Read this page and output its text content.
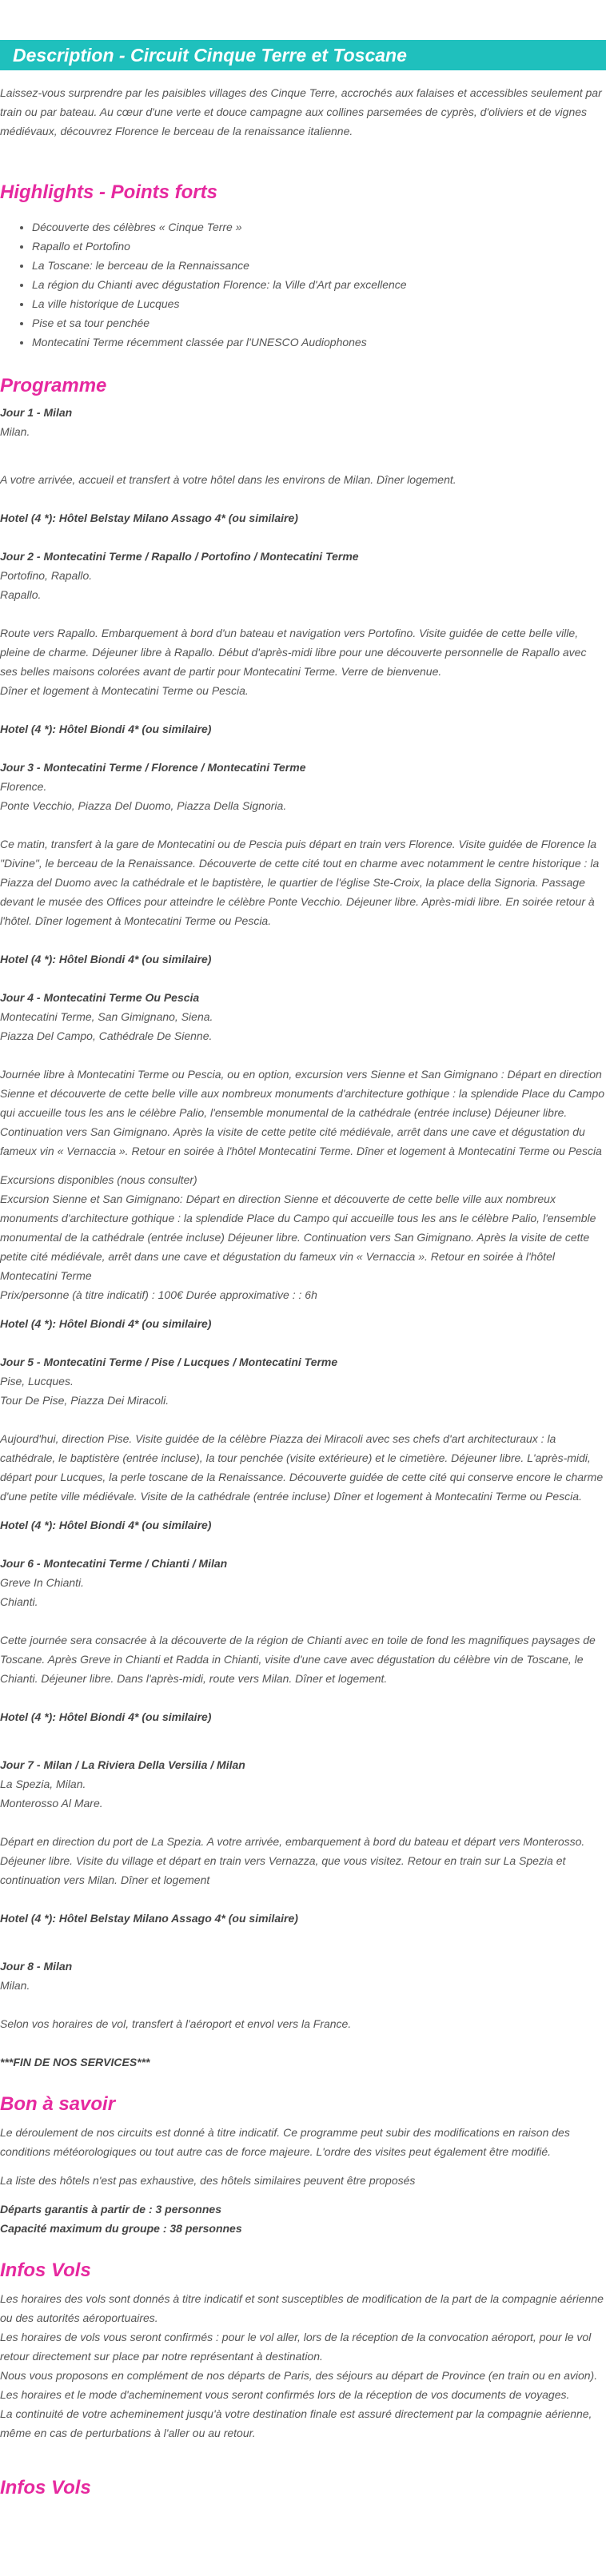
Description - Circuit Cinque Terre et Toscane

Laissez-vous surprendre par les paisibles villages des Cinque Terre, accrochés aux falaises et accessibles seulement par train ou par bateau. Au cœur d'une verte et douce campagne aux collines parsemées de cyprès, d'oliviers et de vignes médiévaux, découvrez Florence le berceau de la renaissance italienne.

Highlights - Points forts
• Découverte des célèbres « Cinque Terre »
• Rapallo et Portofino
• La Toscane: le berceau de la Rennaissance
• La région du Chianti avec dégustation Florence: la Ville d'Art par excellence
• La ville historique de Lucques
• Pise et sa tour penchée
• Montecatini Terme récemment classée par l'UNESCO Audiophones
Programme
Jour 1 - Milan
Milan.

A votre arrivée, accueil et transfert à votre hôtel dans les environs de Milan. Dîner logement.

Hotel (4 *): Hôtel Belstay Milano Assago 4* (ou similaire)
Jour 2 - Montecatini Terme / Rapallo / Portofino / Montecatini Terme
Portofino, Rapallo.
Rapallo.

Route vers Rapallo. Embarquement à bord d'un bateau et navigation vers Portofino. Visite guidée de cette belle ville, pleine de charme. Déjeuner libre à Rapallo. Début d'après-midi libre pour une découverte personnelle de Rapallo avec ses belles maisons colorées avant de partir pour Montecatini Terme. Verre de bienvenue.

Dîner et logement à Montecatini Terme ou Pescia.

Hotel (4 *): Hôtel Biondi 4* (ou similaire)
Jour 3 - Montecatini Terme / Florence / Montecatini Terme
Florence.
Ponte Vecchio, Piazza Del Duomo, Piazza Della Signoria.

Ce matin, transfert à la gare de Montecatini ou de Pescia puis départ en train vers Florence. Visite guidée de Florence la "Divine", le berceau de la Renaissance. Découverte de cette cité tout en charme avec notamment le centre historique : la Piazza del Duomo avec la cathédrale et le baptistère, le quartier de l'église Ste-Croix, la place della Signoria. Passage devant le musée des Offices pour atteindre le célèbre Ponte Vecchio. Déjeuner libre. Après-midi libre. En soirée retour à l'hôtel. Dîner logement à Montecatini Terme ou Pescia.

Hotel (4 *): Hôtel Biondi 4* (ou similaire)
Jour 4 - Montecatini Terme Ou Pescia
Montecatini Terme, San Gimignano, Siena.
Piazza Del Campo, Cathédrale De Sienne.

Journée libre à Montecatini Terme ou Pescia, ou en option, excursion vers Sienne et San Gimignano : Départ en direction Sienne et découverte de cette belle ville aux nombreux monuments d'architecture gothique : la splendide Place du Campo qui accueille tous les ans le célèbre Palio, l'ensemble monumental de la cathédrale (entrée incluse) Déjeuner libre. Continuation vers San Gimignano. Après la visite de cette petite cité médiévale, arrêt dans une cave et dégustation du fameux vin « Vernaccia ». Retour en soirée à l'hôtel Montecatini Terme. Dîner et logement à Montecatini Terme ou Pescia

Excursions disponibles (nous consulter)

Excursion Sienne et San Gimignano: Départ en direction Sienne et découverte de cette belle ville aux nombreux monuments d'architecture gothique : la splendide Place du Campo qui accueille tous les ans le célèbre Palio, l'ensemble monumental de la cathédrale (entrée incluse) Déjeuner libre. Continuation vers San Gimignano. Après la visite de cette petite cité médiévale, arrêt dans une cave et dégustation du fameux vin « Vernaccia ». Retour en soirée à l'hôtel Montecatini Terme

Prix/personne (à titre indicatif) : 100€ Durée approximative : : 6h
Hotel (4 *): Hôtel Biondi 4* (ou similaire)
Jour 5 - Montecatini Terme / Pise / Lucques / Montecatini Terme
Pise, Lucques.
Tour De Pise, Piazza Dei Miracoli.

Aujourd'hui, direction Pise. Visite guidée de la célèbre Piazza dei Miracoli avec ses chefs d'art architecturaux : la cathédrale, le baptistère (entrée incluse), la tour penchée (visite extérieure) et le cimetière. Déjeuner libre. L'après-midi, départ pour Lucques, la perle toscane de la Renaissance. Découverte guidée de cette cité qui conserve encore le charme d'une petite ville médiévale. Visite de la cathédrale (entrée incluse) Dîner et logement à Montecatini Terme ou Pescia.

Hotel (4 *): Hôtel Biondi 4* (ou similaire)
Jour 6 - Montecatini Terme / Chianti / Milan
Greve In Chianti.
Chianti.

Cette journée sera consacrée à la découverte de la région de Chianti avec en toile de fond les magnifiques paysages de Toscane. Après Greve in Chianti et Radda in Chianti, visite d'une cave avec dégustation du célèbre vin de Toscane, le Chianti. Déjeuner libre. Dans l'après-midi, route vers Milan. Dîner et logement.

Hotel (4 *): Hôtel Biondi 4* (ou similaire)
Jour 7 - Milan / La Riviera Della Versilia / Milan
La Spezia, Milan.
Monterosso Al Mare.

Départ en direction du port de La Spezia. A votre arrivée, embarquement à bord du bateau et départ vers Monterosso. Déjeuner libre. Visite du village et départ en train vers Vernazza, que vous visitez. Retour en train sur La Spezia et continuation vers Milan. Dîner et logement

Hotel (4 *): Hôtel Belstay Milano Assago 4* (ou similaire)
Jour 8 - Milan
Milan.

Selon vos horaires de vol, transfert à l'aéroport et envol vers la France.

***FIN DE NOS SERVICES***
Bon à savoir

Le déroulement de nos circuits est donné à titre indicatif. Ce programme peut subir des modifications en raison des conditions météorologiques ou tout autre cas de force majeure. L'ordre des visites peut également être modifié.

La liste des hôtels n'est pas exhaustive, des hôtels similaires peuvent être proposés

Départs garantis à partir de : 3 personnes
Capacité maximum du groupe : 38 personnes
Infos Vols

Les horaires des vols sont donnés à titre indicatif et sont susceptibles de modification de la part de la compagnie aérienne ou des autorités aéroportuaires.

Les horaires de vols vous seront confirmés : pour le vol aller, lors de la réception de la convocation aéroport, pour le vol retour directement sur place par notre représentant à destination.

Nous vous proposons en complément de nos départs de Paris, des séjours au départ de Province (en train ou en avion).

Les horaires et le mode d'acheminement vous seront confirmés lors de la réception de vos documents de voyages.

La continuité de votre acheminement jusqu'à votre destination finale est assuré directement par la compagnie aérienne, même en cas de perturbations à l'aller ou au retour.

Infos Vols
